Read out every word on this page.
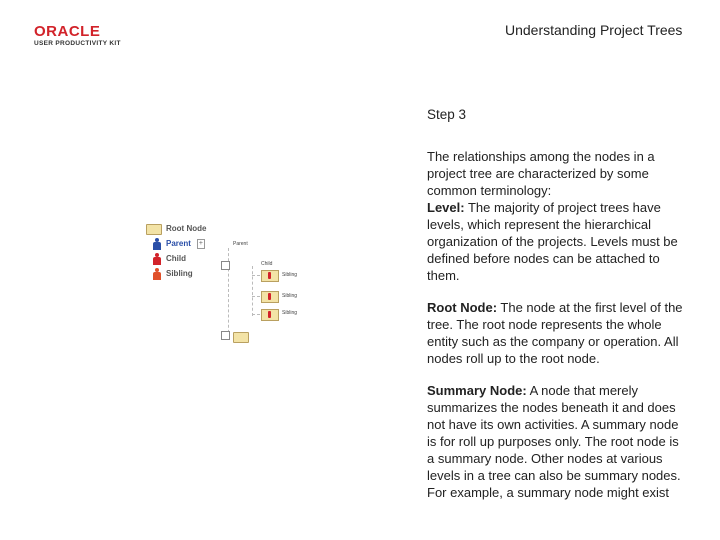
ORACLE
USER PRODUCTIVITY KIT
Understanding Project Trees
Root Node
Parent +
Child
Sibling
Parent
Child
Sibling
Sibling
Sibling
Step 3

The relationships among the nodes in a project tree are characterized by some common terminology:
Level: The majority of project trees have levels, which represent the hierarchical organization of the projects. Levels must be defined before nodes can be attached to them.

Root Node: The node at the first level of the tree. The root node represents the whole entity such as the company or operation. All nodes roll up to the root node.

Summary Node: A node that merely summarizes the nodes beneath it and does not have its own activities. A summary node is for roll up purposes only. The root node is a summary node. Other nodes at various levels in a tree can also be summary nodes. For example, a summary node might exist
